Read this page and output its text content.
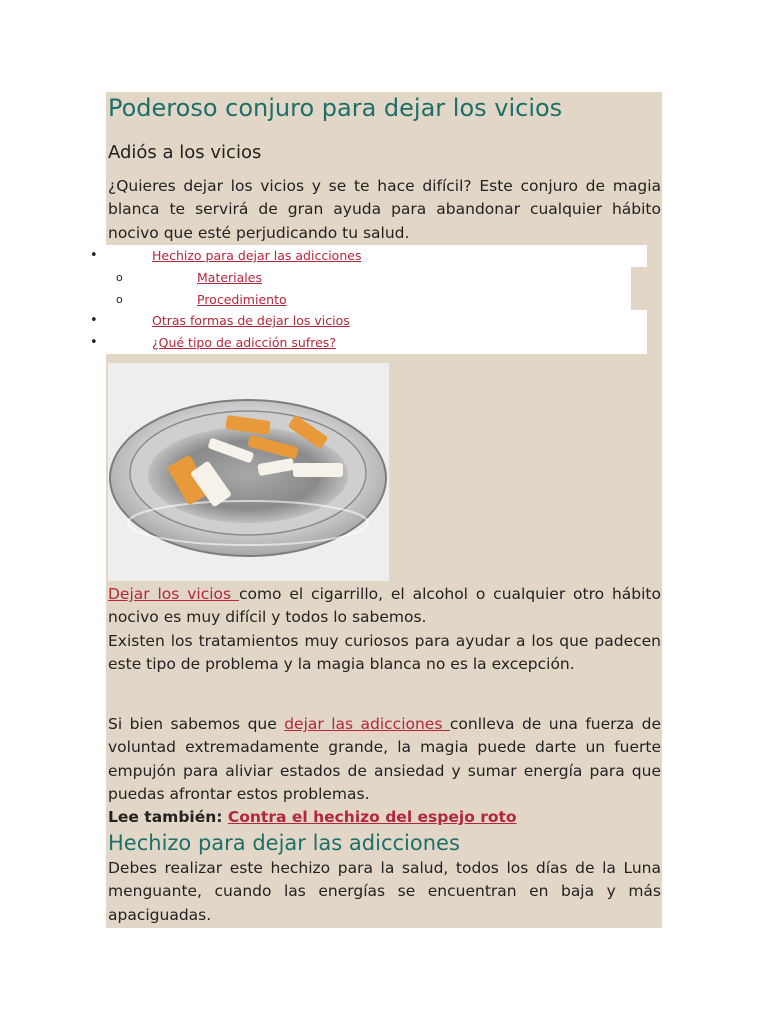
Poderoso conjuro para dejar los vicios
Adiós a los vicios

¿Quieres dejar los vicios y se te hace difícil? Este conjuro de magia blanca te servirá de gran ayuda para abandonar cualquier hábito nocivo que esté perjudicando tu salud.

•	Hechizo para dejar las adicciones
o	Materiales
o	Procedimiento
•	Otras formas de dejar los vicios
•	¿Qué tipo de adicción sufres?

Dejar los vicios como el cigarrillo, el alcohol o cualquier otro hábito nocivo es muy difícil y todos lo sabemos.

Existen los tratamientos muy curiosos para ayudar a los que padecen este tipo de problema y la magia blanca no es la excepción.

Si bien sabemos que dejar las adicciones conlleva de una fuerza de voluntad extremadamente grande, la magia puede darte un fuerte empujón para aliviar estados de ansiedad y sumar energía para que puedas afrontar estos problemas.

Lee también: Contra el hechizo del espejo roto
Hechizo para dejar las adicciones

Debes realizar este hechizo para la salud, todos los días de la Luna menguante, cuando las energías se encuentran en baja y más apaciguadas.
